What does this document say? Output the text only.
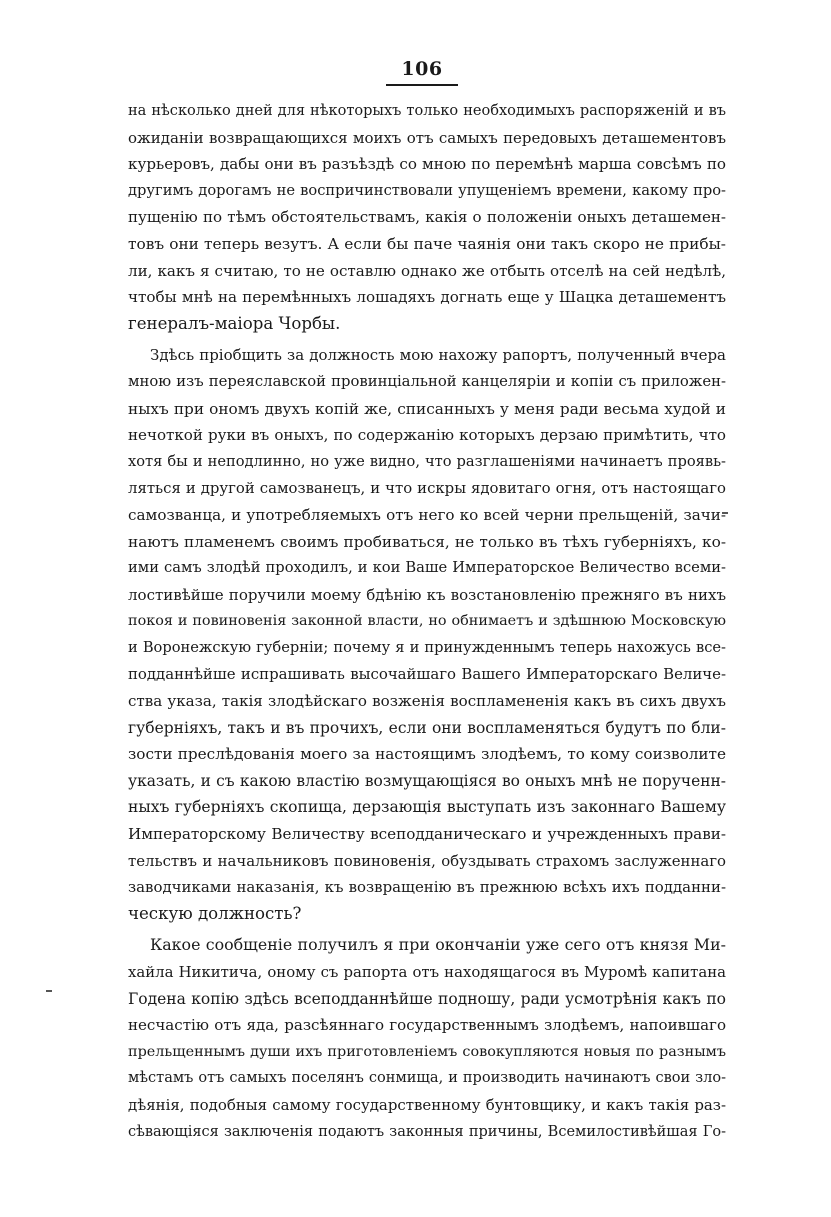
106
на нѣсколько дней для нѣкоторыхъ только необходимыхъ распоряженій и въ
ожиданіи возвращающихся моихъ отъ самыхъ передовыхъ деташементовъ
курьеровъ, дабы они въ разъѣздѣ со мною по перемѣнѣ марша совсѣмъ по
другимъ дорогамъ не воспричинствовали упущеніемъ времени, какому про-
пущенію по тѣмъ обстоятельствамъ, какія о положеніи оныхъ деташемен-
товъ они теперь везутъ. А если бы паче чаянія они такъ скоро не прибы-
ли, какъ я считаю, то не оставлю однако же отбыть отселѣ на сей недѣлѣ,
чтобы мнѣ на перемѣнныхъ лошадяхъ догнать еще у Шацка деташементъ
генералъ-маіора Чорбы.
Здѣсь пріобщить за должность мою нахожу рапортъ, полученный вчера
мною изъ переяславской провинціальной канцеляріи и копіи съ приложен-
ныхъ при ономъ двухъ копій же, списанныхъ у меня ради весьма худой и
нечоткой руки въ оныхъ, по содержанію которыхъ дерзаю примѣтить, что
хотя бы и неподлинно, но уже видно, что разглашеніями начинаетъ проявь-
ляться и другой самозванецъ, и что искры ядовитаго огня, отъ настоящаго
самозванца, и употребляемыхъ отъ него ко всей черни прельщеній, зачи-
наютъ пламенемъ своимъ пробиваться, не только въ тѣхъ губерніяхъ, ко-
ими самъ злодѣй проходилъ, и кои Ваше Императорское Величество всеми-
лостивѣйше поручили моему бдѣнію къ возстановленію прежняго въ нихъ
покоя и повиновенія законной власти, но обнимаетъ и здѣшнюю Московскую
и Воронежскую губерніи; почему я и принужденнымъ теперь нахожусь все-
подданнѣйше испрашивать высочайшаго Вашего Императорскаго Величе-
ства указа, такія злодѣйскаго возженія воспламененія какъ въ сихъ двухъ
губерніяхъ, такъ и въ прочихъ, если они воспламеняться будутъ по бли-
зости преслѣдованія моего за настоящимъ злодѣемъ, то кому соизволите
указать, и съ какою властію возмущающіяся во оныхъ мнѣ не порученн-
ныхъ губерніяхъ скопища, дерзающія выступать изъ законнаго Вашему
Императорскому Величеству всеподданическаго и учрежденныхъ прави-
тельствъ и начальниковъ повиновенія, обуздывать страхомъ заслуженнаго
заводчиками наказанія, къ возвращенію въ прежнюю всѣхъ ихъ подданни-
ческую должность?
Какое сообщеніе получилъ я при окончаніи уже сего отъ князя Ми-
хайла Никитича, оному съ рапорта отъ находящагося въ Муромѣ капитана
Годена копію здѣсь всеподданнѣйше подношу, ради усмотрѣнія какъ по
несчастію отъ яда, разсѣяннаго государственнымъ злодѣемъ, напоившаго
прельщеннымъ души ихъ приготовленіемъ совокупляются новыя по разнымъ
мѣстамъ отъ самыхъ поселянъ сонмища, и производить начинаютъ свои зло-
дѣянія, подобныя самому государственному бунтовщику, и какъ такія раз-
сѣвающіяся заключенія подаютъ законныя причины, Всемилостивѣйшая Го-
